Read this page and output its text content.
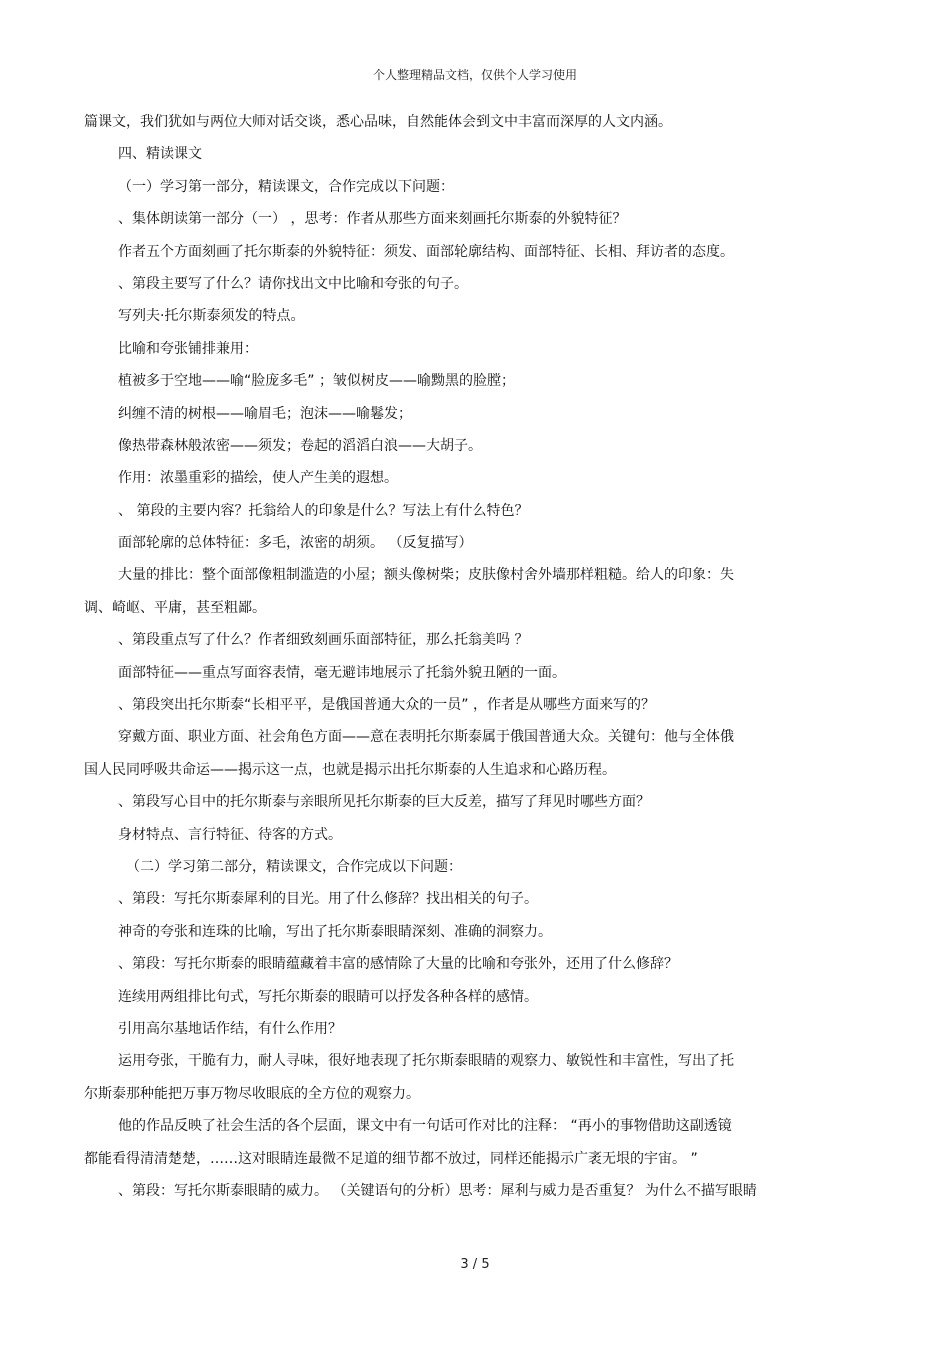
个人整理精品文档，仅供个人学习使用
篇课文，我们犹如与两位大师对话交谈，悉心品味，自然能体会到文中丰富而深厚的人文内涵。
四、精读课文
（一）学习第一部分，精读课文，合作完成以下问题：
、集体朗读第一部分（一） ，思考：作者从那些方面来刻画托尔斯泰的外貌特征？
作者五个方面刻画了托尔斯泰的外貌特征：须发、面部轮廓结构、面部特征、长相、拜访者的态度。
、第段主要写了什么？请你找出文中比喻和夸张的句子。
写列夫·托尔斯泰须发的特点。
比喻和夸张铺排兼用：
植被多于空地——喻“脸庞多毛” ；皱似树皮——喻黝黑的脸膛；
纠缠不清的树根——喻眉毛；泡沫——喻鬈发；
像热带森林般浓密——须发；卷起的滔滔白浪——大胡子。
作用：浓墨重彩的描绘，使人产生美的遐想。
、 第段的主要内容？托翁给人的印象是什么？写法上有什么特色？
面部轮廓的总体特征：多毛，浓密的胡须。 （反复描写）
大量的排比：整个面部像粗制滥造的小屋；额头像树柴；皮肤像村舍外墙那样粗糙。给人的印象：失
调、崎岖、平庸，甚至粗鄙。
、第段重点写了什么？作者细致刻画乐面部特征，那么托翁美吗 ？
面部特征——重点写面容表情，毫无避讳地展示了托翁外貌丑陋的一面。
、第段突出托尔斯泰“长相平平，是俄国普通大众的一员” ，作者是从哪些方面来写的？
穿戴方面、职业方面、社会角色方面——意在表明托尔斯泰属于俄国普通大众。关键句：他与全体俄
国人民同呼吸共命运——揭示这一点，也就是揭示出托尔斯泰的人生追求和心路历程。
、第段写心目中的托尔斯泰与亲眼所见托尔斯泰的巨大反差，描写了拜见时哪些方面？
身材特点、言行特征、待客的方式。
（二）学习第二部分，精读课文，合作完成以下问题：
、第段：写托尔斯泰犀利的目光。用了什么修辞？找出相关的句子。
神奇的夸张和连珠的比喻，写出了托尔斯泰眼睛深刻、准确的洞察力。
、第段：写托尔斯泰的眼睛蕴藏着丰富的感情除了大量的比喻和夸张外，还用了什么修辞？
连续用两组排比句式，写托尔斯泰的眼睛可以抒发各种各样的感情。
引用高尔基地话作结，有什么作用？
运用夸张，干脆有力，耐人寻味，很好地表现了托尔斯泰眼睛的观察力、敏锐性和丰富性，写出了托
尔斯泰那种能把万事万物尽收眼底的全方位的观察力。
他的作品反映了社会生活的各个层面，课文中有一句话可作对比的注释： “再小的事物借助这副透镜
都能看得清清楚楚，……这对眼睛连最微不足道的细节都不放过，同样还能揭示广袤无垠的宇宙。 ”
、第段：写托尔斯泰眼睛的威力。 （关键语句的分析）思考：犀利与威力是否重复？ 为什么不描写眼睛
3 / 5
